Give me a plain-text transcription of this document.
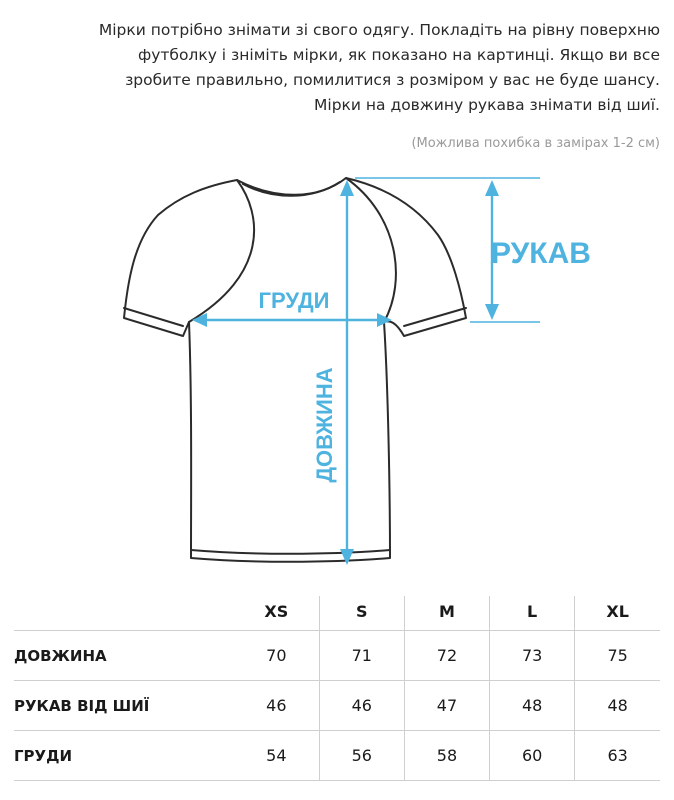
Мірки потрібно знімати зі свого одягу. Покладіть на рівну поверхню

футболку і зніміть мірки, як показано на картинці. Якщо ви все

зробите правильно, помилитися з розміром у вас не буде шансу.

Мірки на довжину рукава знімати від шиї.

(Можлива похибка в замірах 1-2 см)
ГРУДИ
РУКАВ
ДОВЖИНА
	XS	S	M	L	XL
ДОВЖИНА	70	71	72	73	75
РУКАВ ВІД ШИЇ	46	46	47	48	48
ГРУДИ	54	56	58	60	63
